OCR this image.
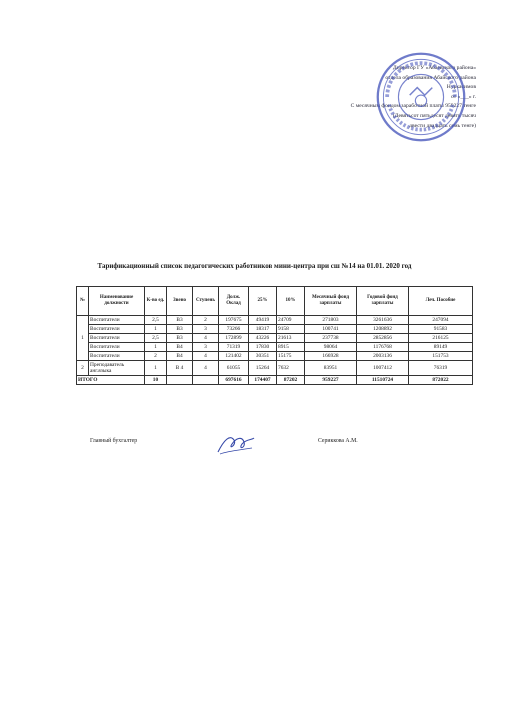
Директор ГУ «Абаевского района»
отдела образования Абайского района
Нуркасимов
от «___» г.
С месячным фондом заработной платы 959227 тенге
(Девятьсот пятьдесят девять тысяч
двести двадцать семь тенге)
Тарификационный список педагогических работников мини-центра при сш №14 на 01.01. 2020 год
№	Наименование должности	К-во ед.	Звено	Ступень	Долж. Оклад	25%	10%	Месячный фонд зарплаты	Годовой фонд зарплаты	Леч. Пособие
1	Воспитатели	2,5	В3	2	197675	49419	24709	271803	3261636	247094
	Воспитатели	1	В3	3	73266	18317	9158	100741	1208892	91583
	Воспитатели	2,5	В3	4	172899	43226	21613	237738	2852856	216125
	Воспитатели	1	В4	3	71319	17830	8915	98064	1176768	89149
	Воспитатели	2	В4	4	121402	30351	15175	166928	2003136	151753
2	Преподаватель анг.языка	1	В 4	4	61055	15264	7632	83951	1007412	76319
ИТОГО		10			697616	174407	87202	959227	11510724	872022
Главный бухгалтер	Сериккова А.М.
